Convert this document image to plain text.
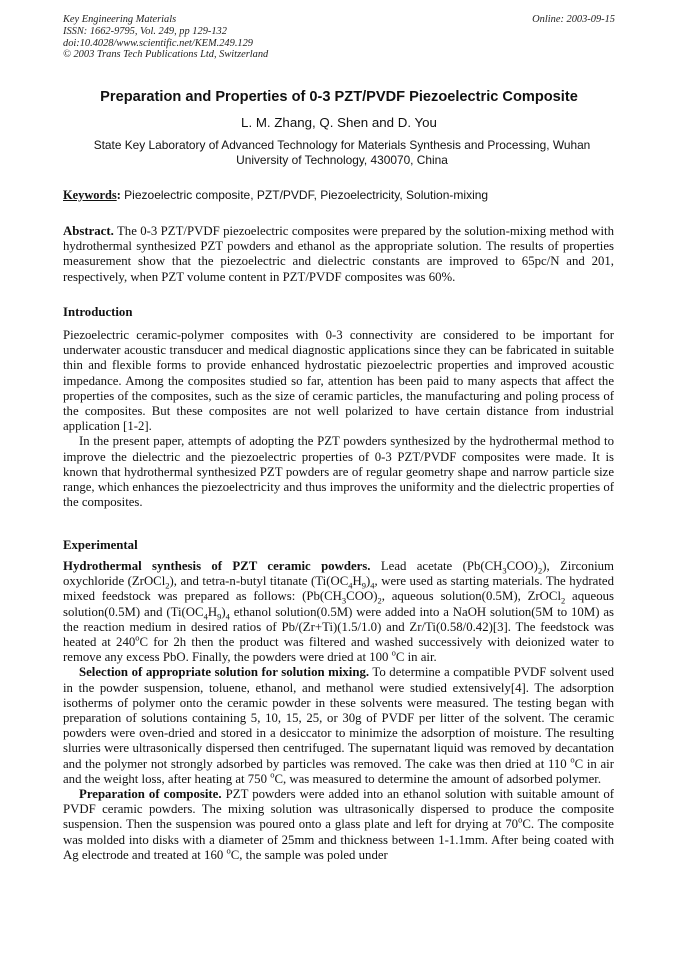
Key Engineering Materials
ISSN: 1662-9795, Vol. 249, pp 129-132
doi:10.4028/www.scientific.net/KEM.249.129
© 2003 Trans Tech Publications Ltd, Switzerland
Online: 2003-09-15
Preparation and Properties of 0-3 PZT/PVDF Piezoelectric Composite
L. M. Zhang, Q. Shen and D. You
State Key Laboratory of Advanced Technology for Materials Synthesis and Processing, Wuhan University of Technology, 430070, China
Keywords: Piezoelectric composite, PZT/PVDF, Piezoelectricity, Solution-mixing

Abstract. The 0-3 PZT/PVDF piezoelectric composites were prepared by the solution-mixing method with hydrothermal synthesized PZT powders and ethanol as the appropriate solution. The results of properties measurement show that the piezoelectric and dielectric constants are improved to 65pc/N and 201, respectively, when PZT volume content in PZT/PVDF composites was 60%.

Introduction

Piezoelectric ceramic-polymer composites with 0-3 connectivity are considered to be important for underwater acoustic transducer and medical diagnostic applications since they can be fabricated in suitable thin and flexible forms to provide enhanced hydrostatic piezoelectric properties and improved acoustic impedance. Among the composites studied so far, attention has been paid to many aspects that affect the properties of the composites, such as the size of ceramic particles, the manufacturing and poling process of the composites. But these composites are not well polarized to have certain distance from industrial application [1-2].

In the present paper, attempts of adopting the PZT powders synthesized by the hydrothermal method to improve the dielectric and the piezoelectric properties of 0-3 PZT/PVDF composites were made. It is known that hydrothermal synthesized PZT powders are of regular geometry shape and narrow particle size range, which enhances the piezoelectricity and thus improves the uniformity and the dielectric properties of the composites.

Experimental

Hydrothermal synthesis of PZT ceramic powders. Lead acetate $(Pb(CH_3COO)_2)$, Zirconium oxychloride (ZrOCl$_2$), and tetra-n-butyl titanate ($Ti(OC_4H_9)_4$, were used as starting materials. The hydrated mixed feedstock was prepared as follows: ($Pb(CH_3COO)_2$, aqueous solution(0.5M), ZrOCl$_2$ aqueous solution(0.5M) and ($Ti(OC_4H_9)_4$ ethanol solution(0.5M) were added into a NaOH solution(5M to 10M) as the reaction medium in desired ratios of Pb/(Zr+Ti)(1.5/1.0) and Zr/Ti(0.58/0.42)[3]. The feedstock was heated at 240$^o$C for 2h then the product was filtered and washed successively with deionized water to remove any excess PbO. Finally, the powders were dried at 100 $^o$C in air.

Selection of appropriate solution for solution mixing. To determine a compatible PVDF solvent used in the powder suspension, toluene, ethanol, and methanol were studied extensively[4]. The adsorption isotherms of polymer onto the ceramic powder in these solvents were measured. The testing began with preparation of solutions containing 5, 10, 15, 25, or 30g of PVDF per litter of the solvent. The ceramic powders were oven-dried and stored in a desiccator to minimize the adsorption of moisture. The resulting slurries were ultrasonically dispersed then centrifuged. The supernatant liquid was removed by decantation and the polymer not strongly adsorbed by particles was removed. The cake was then dried at 110 $^o$C in air and the weight loss, after heating at 750 $^o$C, was measured to determine the amount of adsorbed polymer.

Preparation of composite. PZT powders were added into an ethanol solution with suitable amount of PVDF ceramic powders. The mixing solution was ultrasonically dispersed to produce the composite suspension. Then the suspension was poured onto a glass plate and left for drying at 70$^o$C. The composite was molded into disks with a diameter of 25mm and thickness between 1-1.1mm. After being coated with Ag electrode and treated at 160 $^o$C, the sample was poled under
